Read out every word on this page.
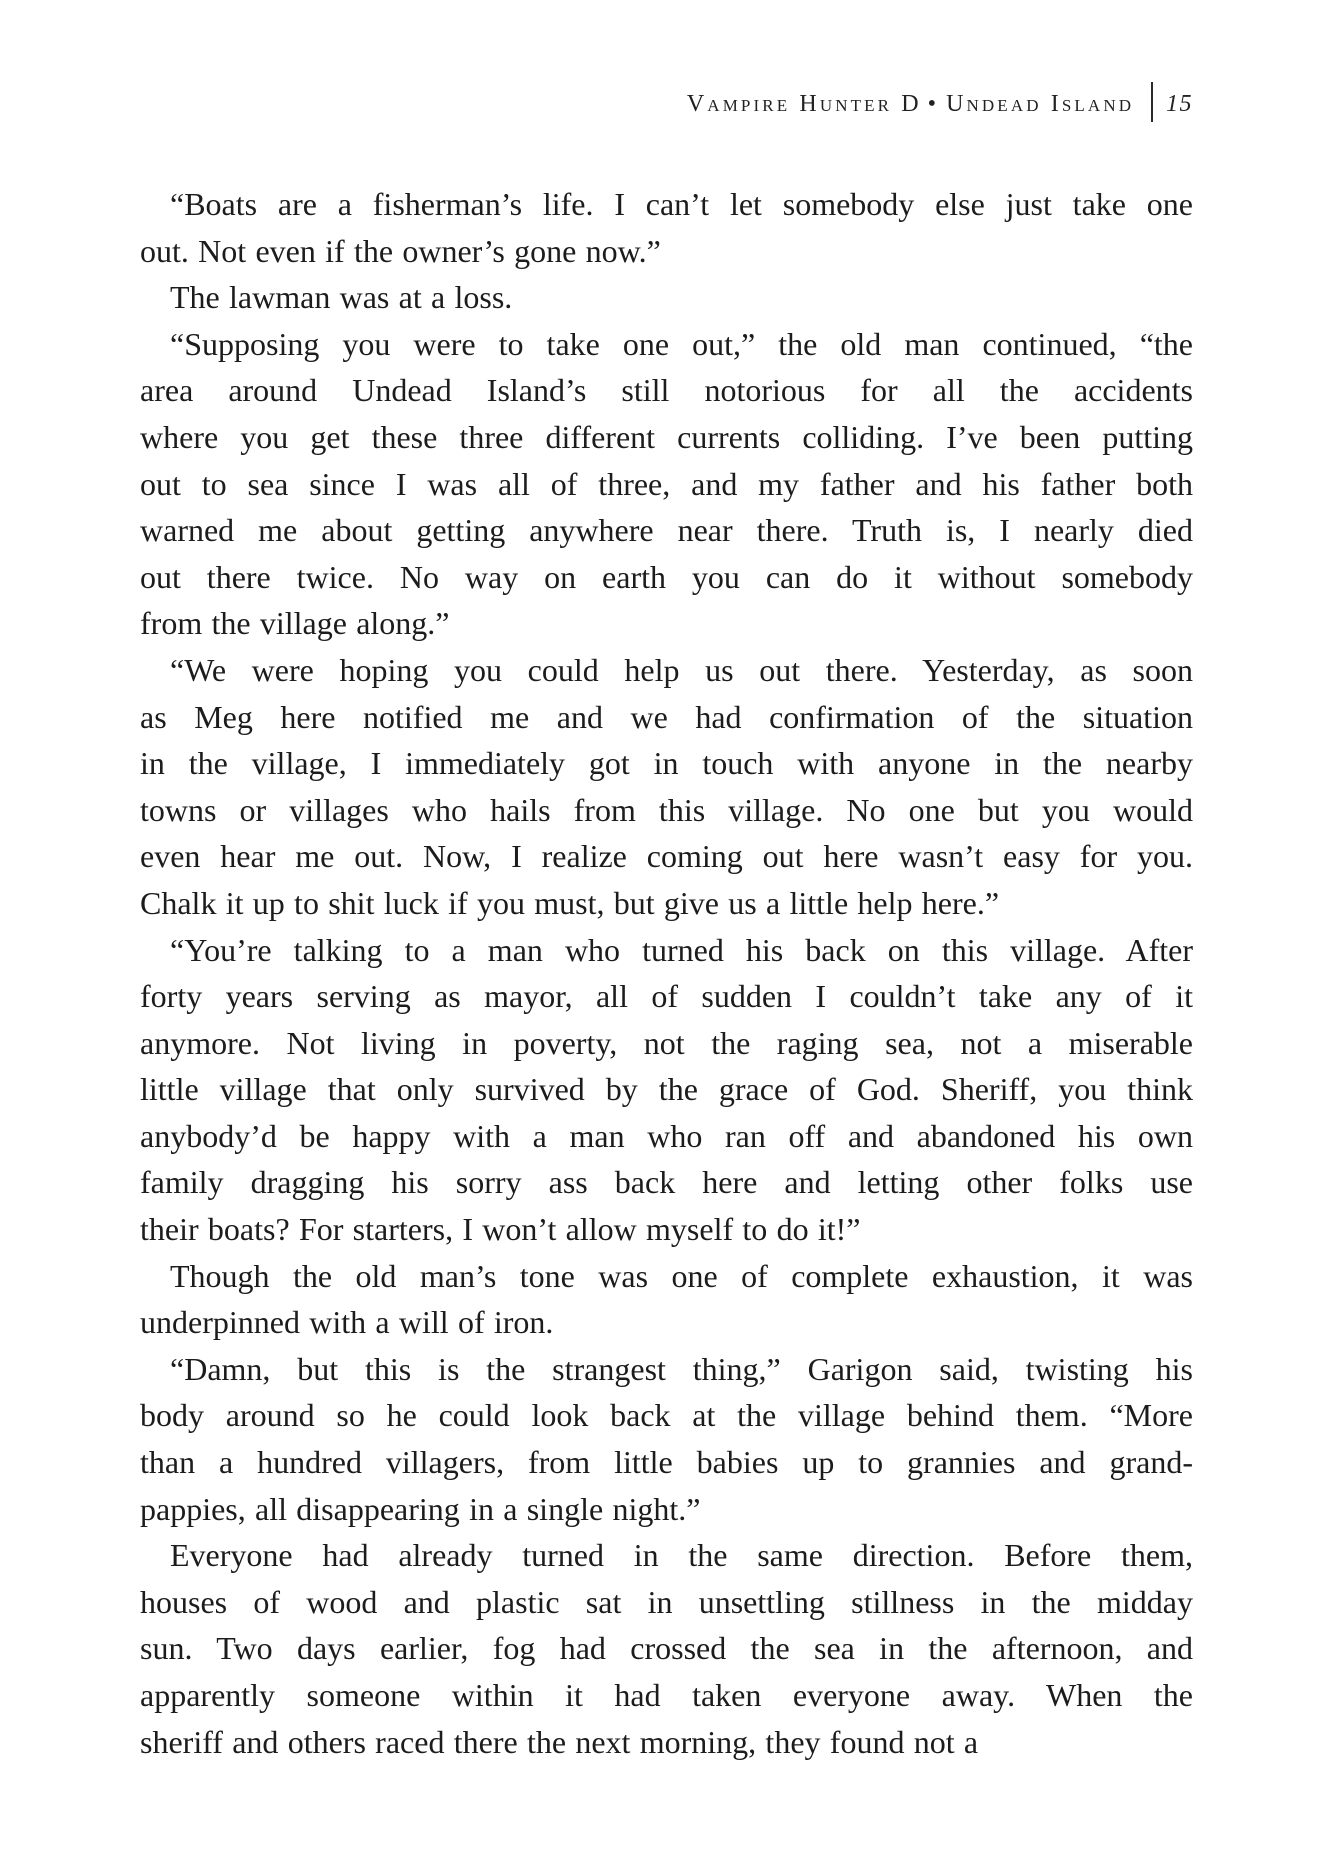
Vampire Hunter D • Undead Island 15
“Boats are a fisherman’s life. I can’t let somebody else just take one
out. Not even if the owner’s gone now.”
The lawman was at a loss.
“Supposing you were to take one out,” the old man continued, “the
area around Undead Island’s still notorious for all the accidents
where you get these three different currents colliding. I’ve been putting
out to sea since I was all of three, and my father and his father both
warned me about getting anywhere near there. Truth is, I nearly died
out there twice. No way on earth you can do it without somebody
from the village along.”
“We were hoping you could help us out there. Yesterday, as soon
as Meg here notified me and we had confirmation of the situation
in the village, I immediately got in touch with anyone in the nearby
towns or villages who hails from this village. No one but you would
even hear me out. Now, I realize coming out here wasn’t easy for you.
Chalk it up to shit luck if you must, but give us a little help here.”
“You’re talking to a man who turned his back on this village. After
forty years serving as mayor, all of sudden I couldn’t take any of it
anymore. Not living in poverty, not the raging sea, not a miserable
little village that only survived by the grace of God. Sheriff, you think
anybody’d be happy with a man who ran off and abandoned his own
family dragging his sorry ass back here and letting other folks use
their boats? For starters, I won’t allow myself to do it!”
Though the old man’s tone was one of complete exhaustion, it was
underpinned with a will of iron.
“Damn, but this is the strangest thing,” Garigon said, twisting his
body around so he could look back at the village behind them. “More
than a hundred villagers, from little babies up to grannies and grand-
pappies, all disappearing in a single night.”
Everyone had already turned in the same direction. Before them,
houses of wood and plastic sat in unsettling stillness in the midday
sun. Two days earlier, fog had crossed the sea in the afternoon, and
apparently someone within it had taken everyone away. When the
sheriff and others raced there the next morning, they found not a
